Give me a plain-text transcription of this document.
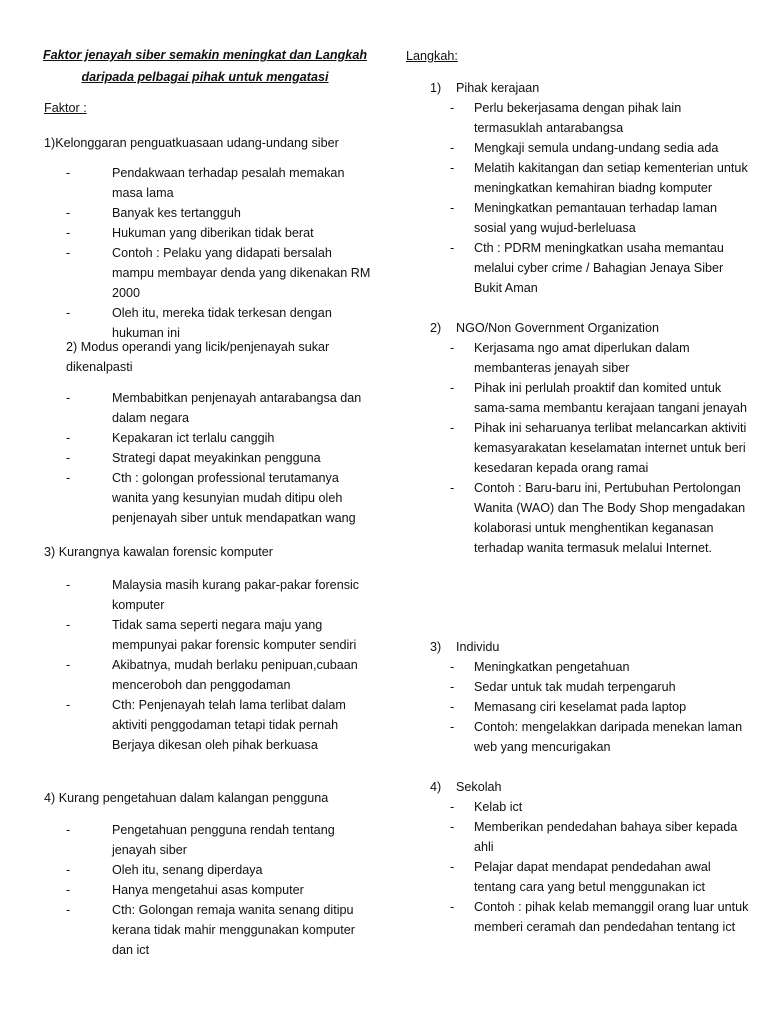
Faktor jenayah siber semakin meningkat dan Langkah daripada pelbagai pihak untuk mengatasi
Faktor :
1)Kelonggaran penguatkuasaan udang-undang siber
-	Pendakwaan terhadap pesalah memakan masa lama
-	Banyak kes tertangguh
-	Hukuman yang diberikan tidak berat
-	Contoh : Pelaku yang didapati bersalah mampu membayar denda yang dikenakan RM 2000
-	Oleh itu, mereka tidak terkesan dengan hukuman ini
2) Modus operandi yang licik/penjenayah sukar dikenalpasti
-	Membabitkan penjenayah antarabangsa dan dalam negara
-	Kepakaran ict terlalu canggih
-	Strategi dapat meyakinkan pengguna
-	Cth : golongan professional terutamanya wanita yang kesunyian mudah ditipu oleh penjenayah siber untuk mendapatkan wang
3) Kurangnya kawalan forensic komputer
-	Malaysia masih kurang pakar-pakar forensic komputer
-	Tidak sama seperti negara maju yang mempunyai pakar forensic komputer sendiri
-	Akibatnya, mudah berlaku penipuan,cubaan menceroboh dan penggodaman
-	Cth: Penjenayah telah lama terlibat dalam aktiviti penggodaman tetapi tidak pernah Berjaya dikesan oleh pihak berkuasa
4) Kurang pengetahuan dalam kalangan pengguna
-	Pengetahuan pengguna rendah tentang jenayah siber
-	Oleh itu, senang diperdaya
-	Hanya mengetahui asas komputer
-	Cth: Golongan remaja wanita senang ditipu kerana tidak mahir menggunakan komputer dan ict
Langkah:
1) Pihak kerajaan
- Perlu bekerjasama dengan pihak lain termasuklah antarabangsa
- Mengkaji semula undang-undang sedia ada
- Melatih kakitangan dan setiap kementerian untuk meningkatkan kemahiran biadng komputer
- Meningkatkan pemantauan terhadap laman sosial yang wujud-berleluasa
- Cth : PDRM meningkatkan usaha memantau melalui cyber crime / Bahagian Jenaya Siber Bukit Aman
2) NGO/Non Government Organization
- Kerjasama ngo amat diperlukan dalam membanteras jenayah siber
- Pihak ini perlulah proaktif dan komited untuk sama-sama membantu kerajaan tangani jenayah
- Pihak ini seharuanya terlibat melancarkan aktiviti kemasyarakatan keselamatan internet untuk beri kesedaran kepada orang ramai
- Contoh : Baru-baru ini, Pertubuhan Pertolongan Wanita (WAO) dan The Body Shop mengadakan kolaborasi untuk menghentikan keganasan terhadap wanita termasuk melalui Internet.
3) Individu
- Meningkatkan pengetahuan
- Sedar untuk tak mudah terpengaruh
- Memasang ciri keselamat pada laptop
- Contoh: mengelakkan daripada menekan laman web yang mencurigakan
4) Sekolah
- Kelab ict
- Memberikan pendedahan bahaya siber kepada ahli
- Pelajar dapat mendapat pendedahan awal tentang cara yang betul menggunakan ict
- Contoh : pihak kelab memanggil orang luar untuk memberi ceramah dan pendedahan tentang ict
